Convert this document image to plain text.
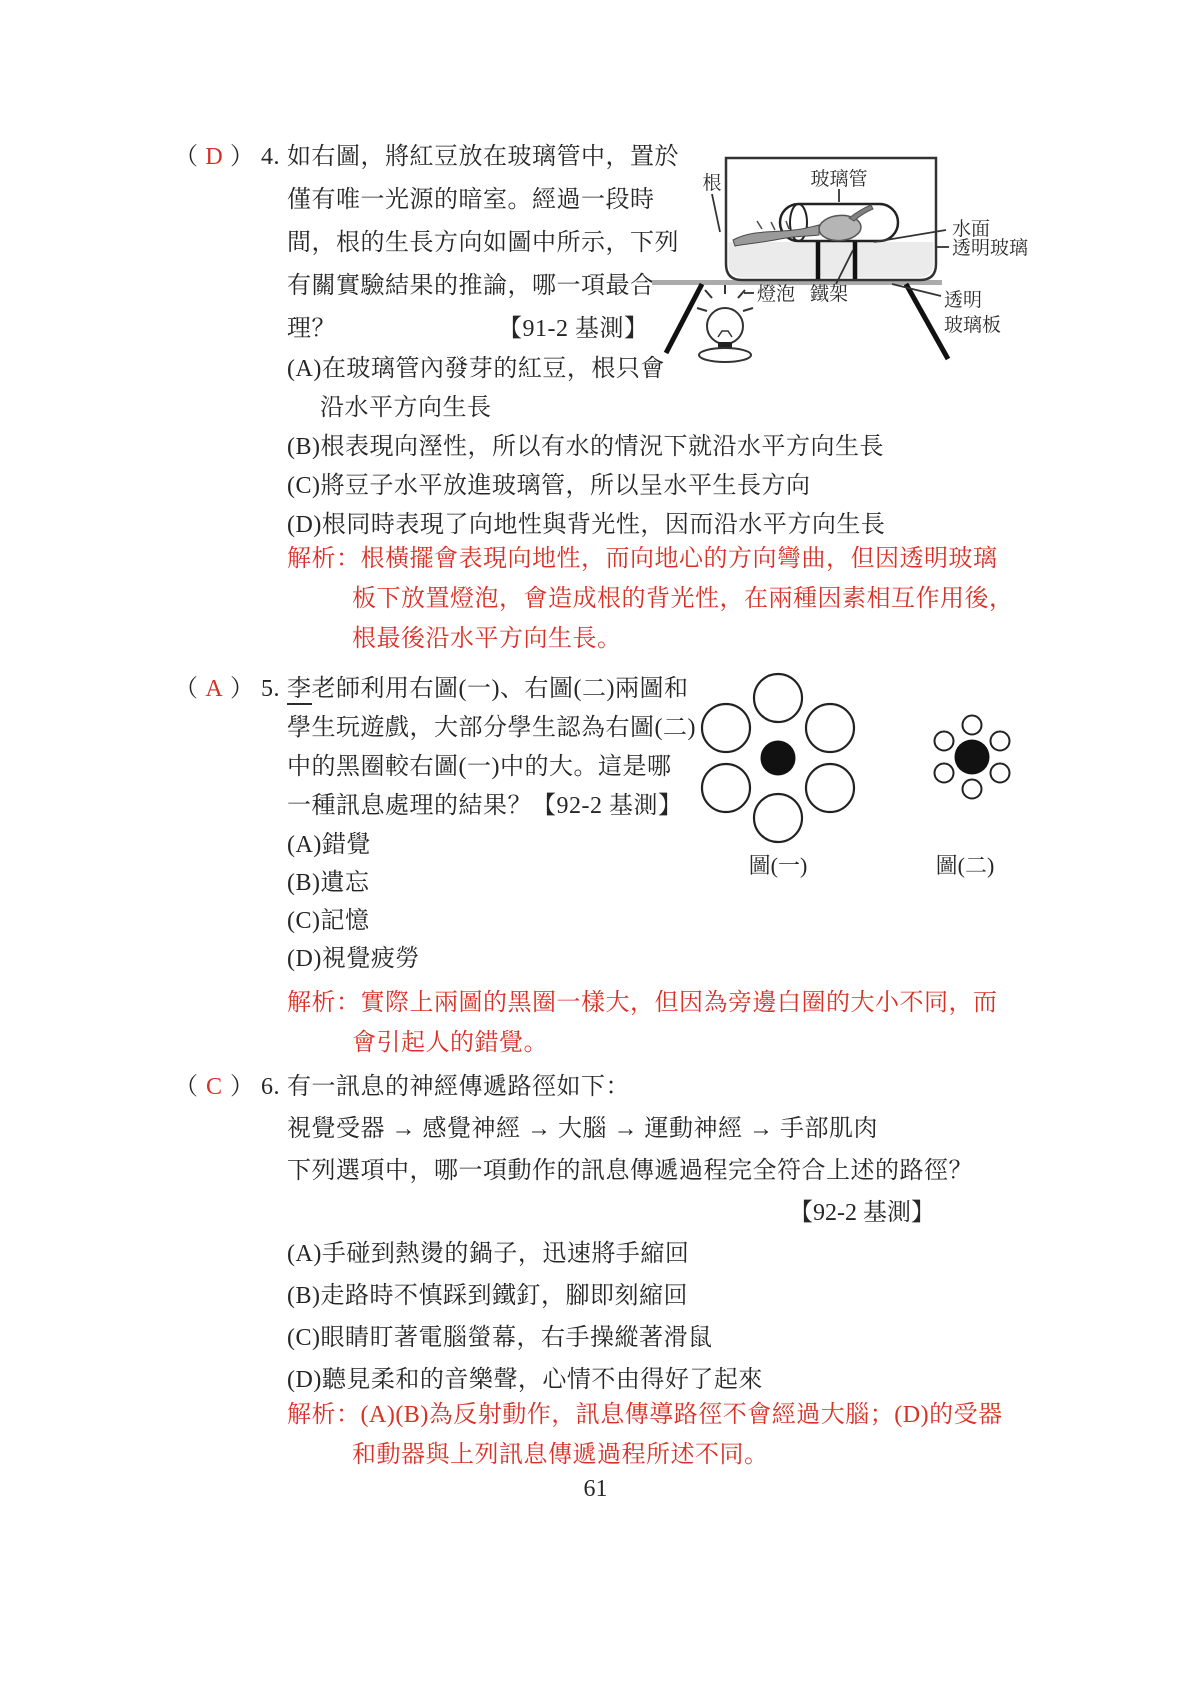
（ D ） 4. 如右圖，將紅豆放在玻璃管中，置於
僅有唯一光源的暗室。經過一段時
間，根的生長方向如圖中所示，下列
有關實驗結果的推論，哪一項最合
理？	【91-2 基測】
(A)在玻璃管內發芽的紅豆，根只會
沿水平方向生長
(B)根表現向溼性，所以有水的情況下就沿水平方向生長
(C)將豆子水平放進玻璃管，所以呈水平生長方向
(D)根同時表現了向地性與背光性，因而沿水平方向生長
解析：根橫擺會表現向地性，而向地心的方向彎曲，但因透明玻璃
板下放置燈泡，會造成根的背光性，在兩種因素相互作用後，
根最後沿水平方向生長。
玻璃管
根
水面
透明玻璃
燈泡 鐵架	透明
玻璃板
（ A ） 5. 李老師利用右圖(一)、右圖(二)兩圖和
學生玩遊戲，大部分學生認為右圖(二)
中的黑圈較右圖(一)中的大。這是哪
一種訊息處理的結果？【92-2 基測】
(A)錯覺
(B)遺忘
(C)記憶
(D)視覺疲勞
解析：實際上兩圖的黑圈一樣大，但因為旁邊白圈的大小不同，而
會引起人的錯覺。
圖(一)	圖(二)
（ C ） 6. 有一訊息的神經傳遞路徑如下：
視覺受器 → 感覺神經 → 大腦 → 運動神經 → 手部肌肉
下列選項中，哪一項動作的訊息傳遞過程完全符合上述的路徑？
【92-2 基測】
(A)手碰到熱燙的鍋子，迅速將手縮回
(B)走路時不慎踩到鐵釘，腳即刻縮回
(C)眼睛盯著電腦螢幕，右手操縱著滑鼠
(D)聽見柔和的音樂聲，心情不由得好了起來
解析：(A)(B)為反射動作，訊息傳導路徑不會經過大腦；(D)的受器
和動器與上列訊息傳遞過程所述不同。
61
